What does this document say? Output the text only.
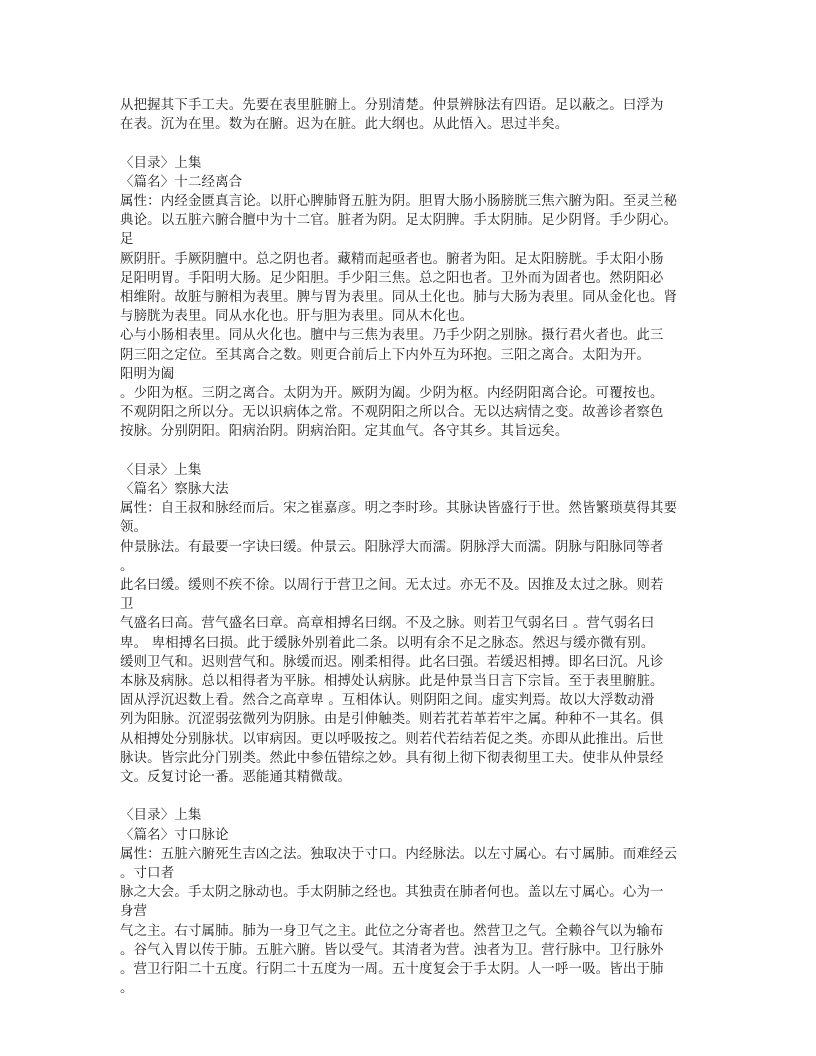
从把握其下手工夫。先要在表里脏腑上。分别清楚。仲景辨脉法有四语。足以蔽之。曰浮为
在表。沉为在里。数为在腑。迟为在脏。此大纲也。从此悟入。思过半矣。
〈目录〉上集
〈篇名〉十二经离合
属性：内经金匮真言论。以肝心脾肺肾五脏为阴。胆胃大肠小肠膀胱三焦六腑为阳。至灵兰秘
典论。以五脏六腑合膻中为十二官。脏者为阴。足太阴脾。手太阴肺。足少阴肾。手少阴心。
足
厥阴肝。手厥阴膻中。总之阴也者。藏精而起亟者也。腑者为阳。足太阳膀胱。手太阳小肠
足阳明胃。手阳明大肠。足少阳胆。手少阳三焦。总之阳也者。卫外而为固者也。然阴阳必
相维附。故脏与腑相为表里。脾与胃为表里。同从土化也。肺与大肠为表里。同从金化也。肾
与膀胱为表里。同从水化也。肝与胆为表里。同从木化也。
心与小肠相表里。同从火化也。膻中与三焦为表里。乃手少阴之别脉。摄行君火者也。此三
阴三阳之定位。至其离合之数。则更合前后上下内外互为环抱。三阳之离合。太阳为开。
阳明为阖
。少阳为枢。三阴之离合。太阴为开。厥阴为阖。少阴为枢。内经阴阳离合论。可覆按也。
不观阴阳之所以分。无以识病体之常。不观阴阳之所以合。无以达病情之变。故善诊者察色
按脉。分别阴阳。阳病治阴。阴病治阳。定其血气。各守其乡。其旨远矣。
〈目录〉上集
〈篇名〉察脉大法
属性：自王叔和脉经而后。宋之崔嘉彦。明之李时珍。其脉诀皆盛行于世。然皆繁琐莫得其要
领。
仲景脉法。有最要一字诀曰缓。仲景云。阳脉浮大而濡。阴脉浮大而濡。阴脉与阳脉同等者
。
此名曰缓。缓则不疾不徐。以周行于营卫之间。无太过。亦无不及。因推及太过之脉。则若
卫
气盛名曰高。营气盛名曰章。高章相搏名曰纲。不及之脉。则若卫气弱名曰 。营气弱名曰
卑。 卑相搏名曰损。此于缓脉外别着此二条。以明有余不足之脉态。然迟与缓亦微有别。
缓则卫气和。迟则营气和。脉缓而迟。刚柔相得。此名曰强。若缓迟相搏。即名曰沉。凡诊
本脉及病脉。总以相得者为平脉。相搏处认病脉。此是仲景当日言下宗旨。至于表里腑脏。
固从浮沉迟数上看。然合之高章卑 。互相体认。则阴阳之间。虚实判焉。故以大浮数动滑
列为阳脉。沉涩弱弦微列为阴脉。由是引伸触类。则若芤若革若牢之属。种种不一其名。俱
从相搏处分别脉状。以审病因。更以呼吸按之。则若代若结若促之类。亦即从此推出。后世
脉诀。皆宗此分门别类。然此中参伍错综之妙。具有彻上彻下彻表彻里工夫。使非从仲景经
文。反复讨论一番。恶能通其精微哉。
〈目录〉上集
〈篇名〉寸口脉论
属性：五脏六腑死生吉凶之法。独取决于寸口。内经脉法。以左寸属心。右寸属肺。而难经云
。寸口者
脉之大会。手太阴之脉动也。手太阴肺之经也。其独责在肺者何也。盖以左寸属心。心为一
身营
气之主。右寸属肺。肺为一身卫气之主。此位之分寄者也。然营卫之气。全赖谷气以为输布
。谷气入胃以传于肺。五脏六腑。皆以受气。其清者为营。浊者为卫。营行脉中。卫行脉外
。营卫行阳二十五度。行阴二十五度为一周。五十度复会于手太阴。人一呼一吸。皆出于肺
。
